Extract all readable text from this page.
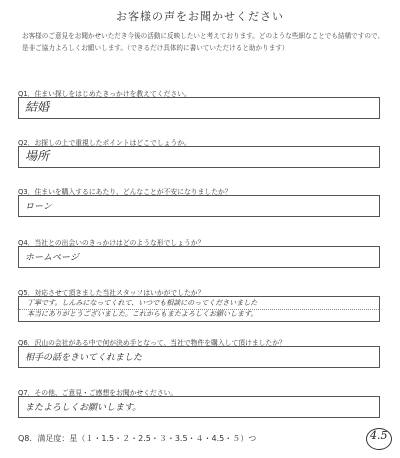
お客様の声をお聞かせください
お客様のご意見をお聞かせいただき今後の活動に反映したいと考えております。どのような些細なことでも結構ですので、是非ご協力よろしくお願いします。（できるだけ具体的に書いていただけると助かります）
Q1．住まい探しをはじめたきっかけを教えてください。
結婚
Q2．お探しの上で重視したポイントはどこでしょうか。
場所
Q3．住まいを購入するにあたり、どんなことが不安になりましたか？
ローン
Q4．当社との出会いのきっかけはどのような形でしょうか？
ホームページ
Q5．対応させて頂きました当社スタッフはいかがでしたか？
丁寧です。しんみになってくれて、いつでも相談にのってくださいました
本当にありがとうございました。これからもまたよろしくお願いします。
Q6．沢山の会社がある中で何が決め手となって、当社で物件を購入して頂けましたか？
相手の話をきいてくれました
Q7．その他、ご意見・ご感想をお聞かせください。
またよろしくお願いします。
Q8．満足度：星（１・1.5・２・2.5・３・3.5・４・4.5・５）つ	4.5
